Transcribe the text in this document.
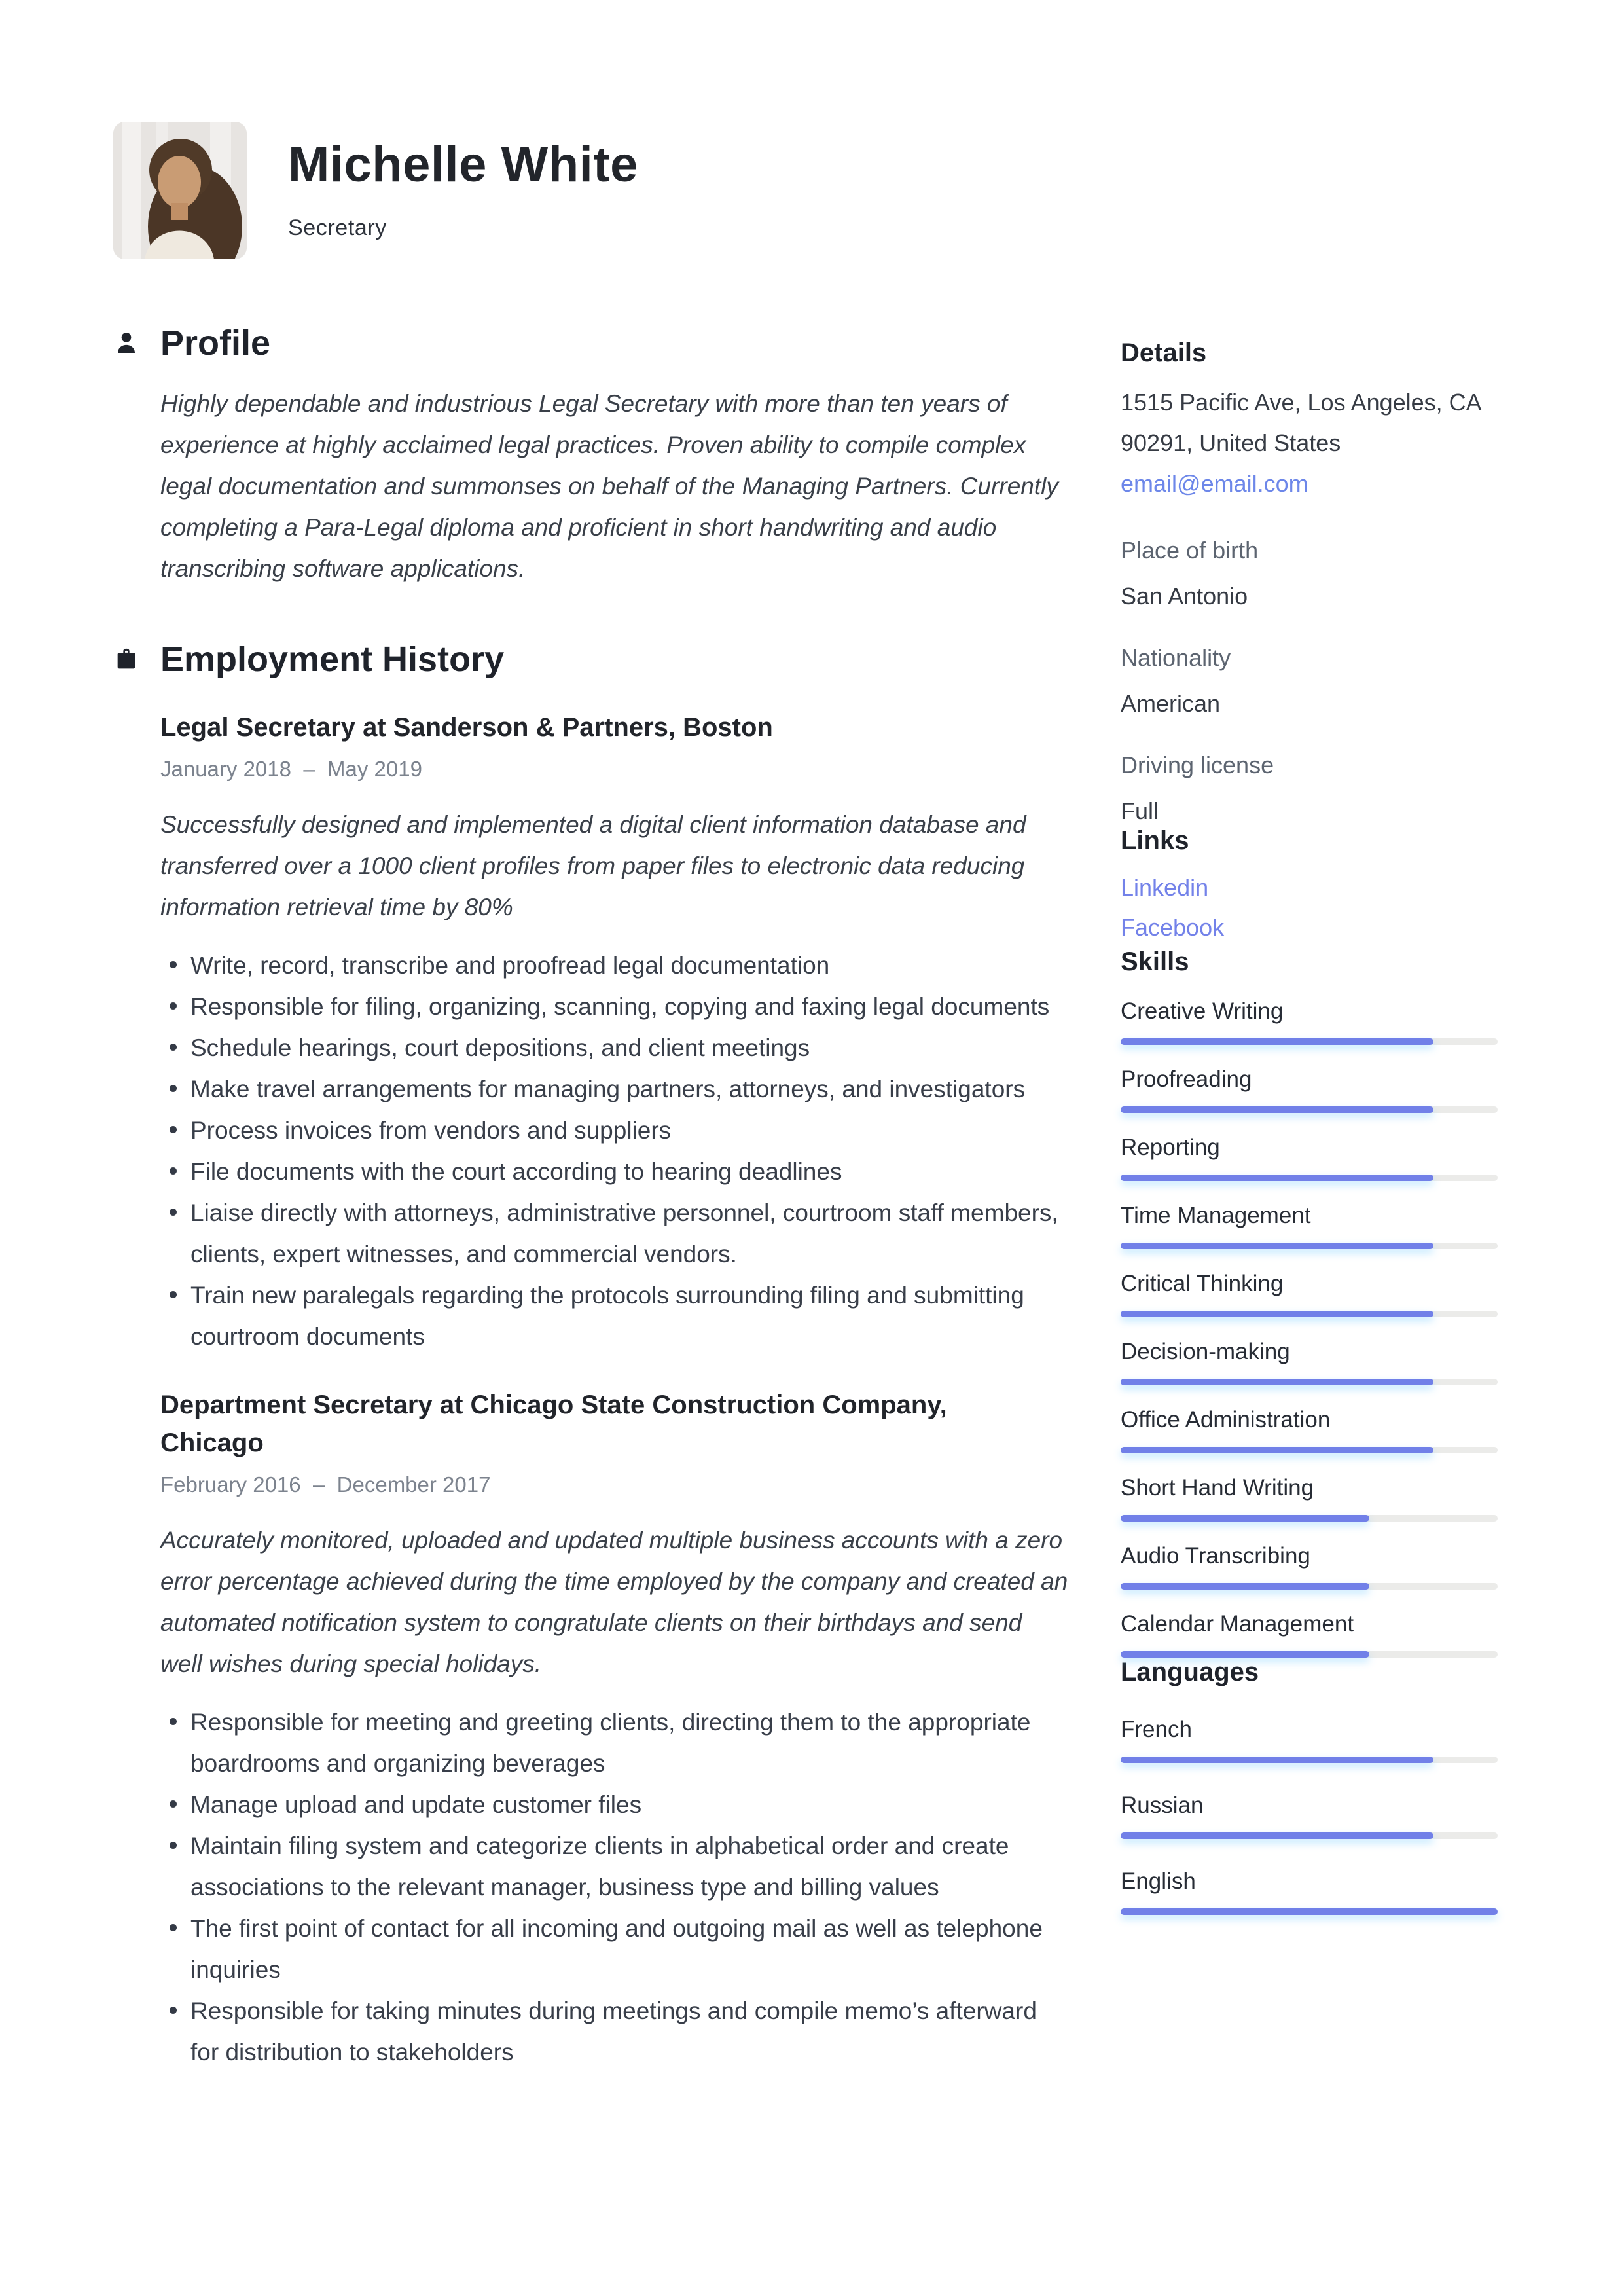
Michelle White
Secretary
Profile

Highly dependable and industrious Legal Secretary with more than ten years of experience at highly acclaimed legal practices. Proven ability to compile complex legal documentation and summonses on behalf of the Managing Partners. Currently completing a Para-Legal diploma and proficient in short handwriting and audio transcribing software applications.

Employment History
Legal Secretary at Sanderson & Partners, Boston
January 2018  –  May 2019

Successfully designed and implemented a digital client information database and transferred over a 1000 client profiles from paper files to electronic data reducing information retrieval time by 80%

Write, record, transcribe and proofread legal documentation
Responsible for filing, organizing, scanning, copying and faxing legal documents
Schedule hearings, court depositions, and client meetings
Make travel arrangements for managing partners, attorneys, and investigators
Process invoices from vendors and suppliers
File documents with the court according to hearing deadlines
Liaise directly with attorneys, administrative personnel, courtroom staff members, clients, expert witnesses, and commercial vendors.
Train new paralegals regarding the protocols surrounding filing and submitting courtroom documents
Department Secretary at Chicago State Construction Company, Chicago
February 2016  –  December 2017

Accurately monitored, uploaded and updated multiple business accounts with a zero error percentage achieved during the time employed by the company and created an automated notification system to congratulate clients on their birthdays and send well wishes during special holidays.

Responsible for meeting and greeting clients, directing them to the appropriate boardrooms and organizing beverages
Manage upload and update customer files
Maintain filing system and categorize clients in alphabetical order and create associations to the relevant manager, business type and billing values
The first point of contact for all incoming and outgoing mail as well as telephone inquiries
Responsible for taking minutes during meetings and compile memo’s afterward for distribution to stakeholders
Details
1515 Pacific Ave, Los Angeles, CA
90291, United States
email@email.com
Place of birth
San Antonio
Nationality
American
Driving license
Full
Links
Linkedin
Facebook
Skills
Creative Writing
Proofreading
Reporting
Time Management
Critical Thinking
Decision-making
Office Administration
Short Hand Writing
Audio Transcribing
Calendar Management
Languages
French
Russian
English
